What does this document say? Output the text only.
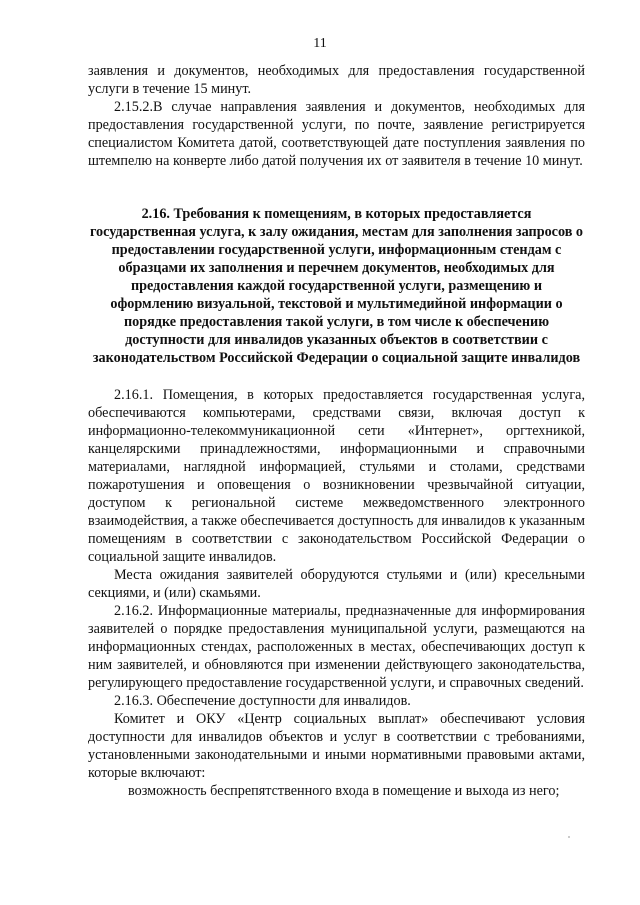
11

заявления и документов, необходимых для предоставления государственной услуги в течение 15 минут.

2.15.2.В случае направления заявления и документов, необходимых для предоставления государственной услуги, по почте, заявление регистрируется специалистом Комитета датой, соответствующей дате поступления заявления по штемпелю на конверте либо датой получения их от заявителя в течение 10 минут.

2.16. Требования к помещениям, в которых предоставляется государственная услуга, к залу ожидания, местам для заполнения запросов о предоставлении государственной услуги, информационным стендам с образцами их заполнения и перечнем документов, необходимых для предоставления каждой государственной услуги, размещению и оформлению визуальной, текстовой и мультимедийной информации о порядке предоставления такой услуги, в том числе к обеспечению доступности для инвалидов указанных объектов в соответствии с законодательством Российской Федерации о социальной защите инвалидов

2.16.1. Помещения, в которых предоставляется государственная услуга, обеспечиваются компьютерами, средствами связи, включая доступ к информационно-телекоммуникационной сети «Интернет», оргтехникой, канцелярскими принадлежностями, информационными и справочными материалами, наглядной информацией, стульями и столами, средствами пожаротушения и оповещения о возникновении чрезвычайной ситуации, доступом к региональной системе межведомственного электронного взаимодействия, а также обеспечивается доступность для инвалидов к указанным помещениям в соответствии с законодательством Российской Федерации о социальной защите инвалидов.

Места ожидания заявителей оборудуются стульями и (или) кресельными секциями, и (или) скамьями.

2.16.2. Информационные материалы, предназначенные для информирования заявителей о порядке предоставления муниципальной услуги, размещаются на информационных стендах, расположенных в местах, обеспечивающих доступ к ним заявителей, и обновляются при изменении действующего законодательства, регулирующего предоставление государственной услуги, и справочных сведений.

2.16.3. Обеспечение доступности для инвалидов.

Комитет и ОКУ «Центр социальных выплат» обеспечивают условия доступности для инвалидов объектов и услуг в соответствии с требованиями, установленными законодательными и иными нормативными правовыми актами, которые включают:

возможность беспрепятственного входа в помещение и выхода из него;
